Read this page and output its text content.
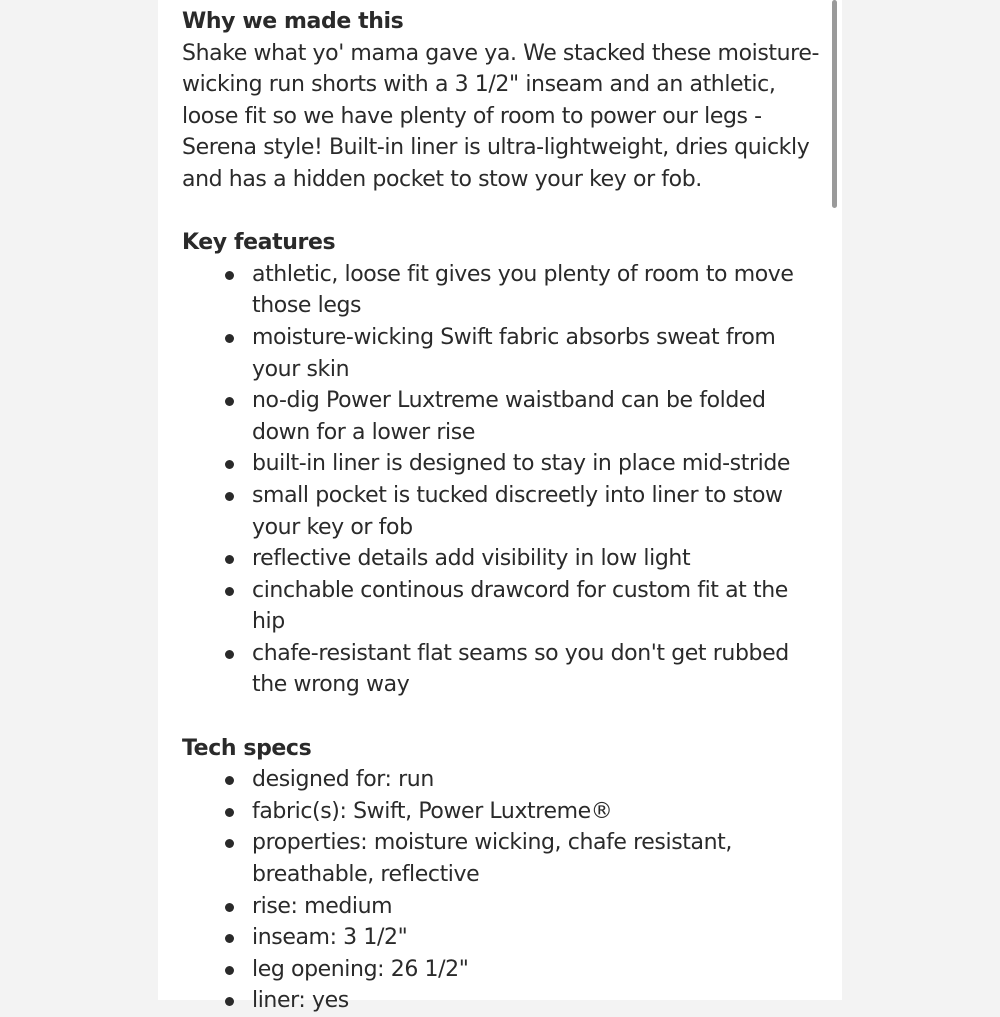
Why we made this

Shake what yo' mama gave ya. We stacked these moisture-wicking run shorts with a 3 1/2" inseam and an athletic, loose fit so we have plenty of room to power our legs - Serena style! Built-in liner is ultra-lightweight, dries quickly and has a hidden pocket to stow your key or fob.

Key features
athletic, loose fit gives you plenty of room to move those legs
moisture-wicking Swift fabric absorbs sweat from your skin
no-dig Power Luxtreme waistband can be folded down for a lower rise
built-in liner is designed to stay in place mid-stride
small pocket is tucked discreetly into liner to stow your key or fob
reflective details add visibility in low light
cinchable continous drawcord for custom fit at the hip
chafe-resistant flat seams so you don't get rubbed the wrong way
Tech specs
designed for: run
fabric(s): Swift, Power Luxtreme®
properties: moisture wicking, chafe resistant, breathable, reflective
rise: medium
inseam: 3 1/2"
leg opening: 26 1/2"
liner: yes
